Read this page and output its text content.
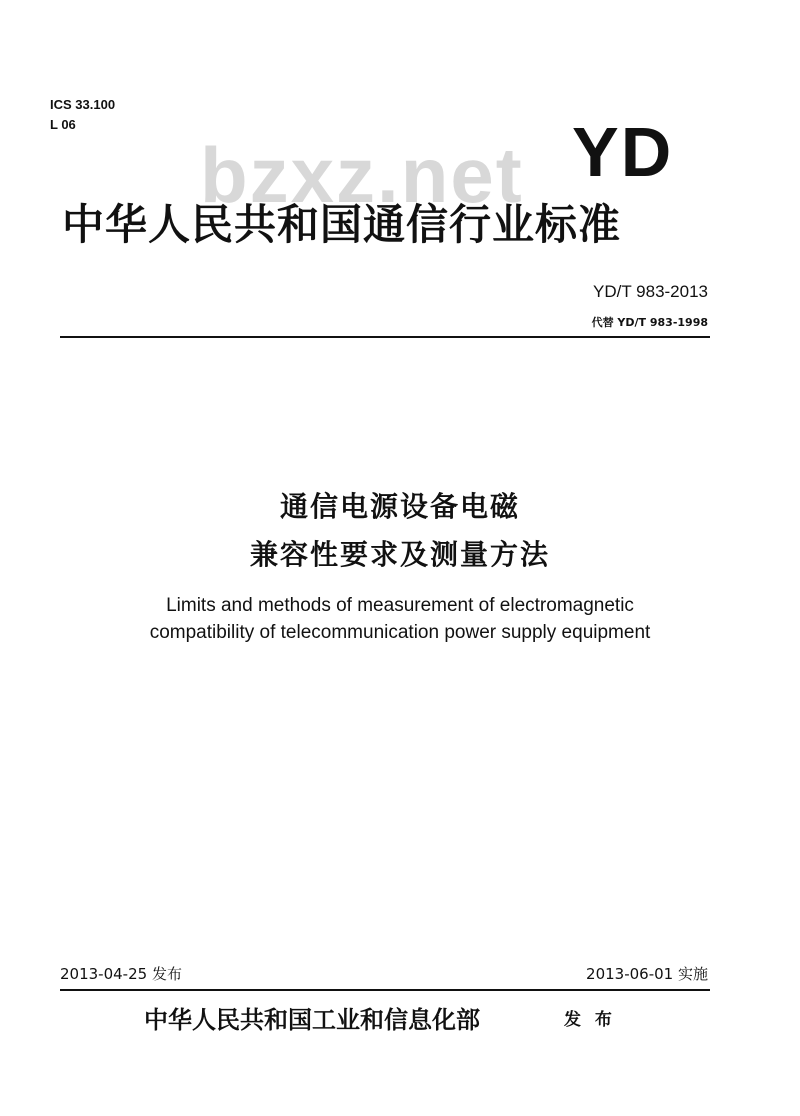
ICS 33.100
L 06
bzxz.net YD
中华人民共和国通信行业标准
YD/T 983-2013
代替 YD/T 983-1998
通信电源设备电磁
兼容性要求及测量方法
Limits and methods of measurement of electromagnetic
compatibility of telecommunication power supply equipment
2013-04-25 发布	2013-06-01 实施
中华人民共和国工业和信息化部	发 布
